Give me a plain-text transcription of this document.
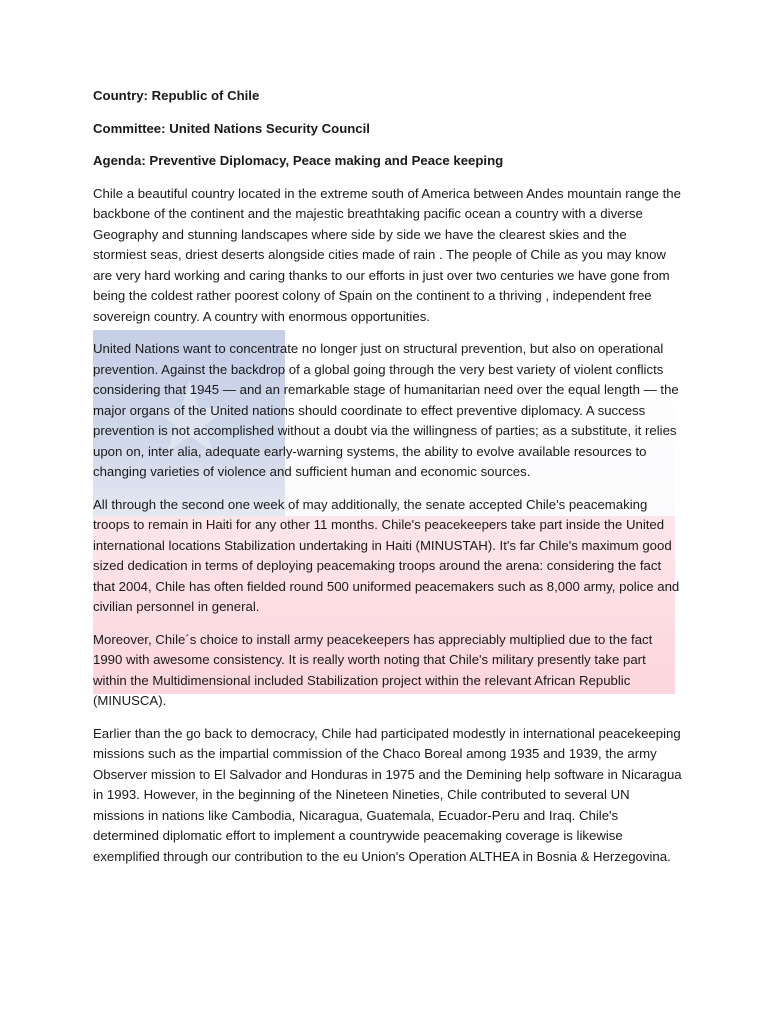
Country: Republic of Chile
Committee: United Nations Security Council
Agenda: Preventive Diplomacy, Peace making and Peace keeping

Chile a beautiful country located in the extreme south of America between Andes mountain range the backbone of the continent and the majestic breathtaking pacific ocean a country with a diverse Geography and stunning landscapes where side by side we have the clearest skies and the stormiest seas, driest deserts alongside cities made of rain . The people of Chile as you may know are very hard working and caring thanks to our efforts in just over two centuries we have gone from being the coldest rather poorest colony of Spain on the continent to a thriving , independent free sovereign country. A country with enormous opportunities.

United Nations want to concentrate no longer just on structural prevention, but also on operational prevention. Against the backdrop of a global going through the very best variety of violent conflicts considering that 1945 — and an remarkable stage of humanitarian need over the equal length — the major organs of the United nations should coordinate to effect preventive diplomacy. A success prevention is not accomplished without a doubt via the willingness of parties; as a substitute, it relies upon on, inter alia, adequate early-warning systems, the ability to evolve available resources to changing varieties of violence and sufficient human and economic sources.

All through the second one week of may additionally, the senate accepted Chile's peacemaking troops to remain in Haiti for any other 11 months. Chile's peacekeepers take part inside the United international locations Stabilization undertaking in Haiti (MINUSTAH). It's far Chile's maximum good sized dedication in terms of deploying peacemaking troops around the arena: considering the fact that 2004, Chile has often fielded round 500 uniformed peacemakers such as 8,000 army, police and civilian personnel in general.

Moreover, Chile´s choice to install army peacekeepers has appreciably multiplied due to the fact 1990 with awesome consistency. It is really worth noting that Chile's military presently take part within the Multidimensional included Stabilization project within the relevant African Republic (MINUSCA).

Earlier than the go back to democracy, Chile had participated modestly in international peacekeeping missions such as the impartial commission of the Chaco Boreal among 1935 and 1939, the army Observer mission to El Salvador and Honduras in 1975 and the Demining help software in Nicaragua in 1993. However, in the beginning of the Nineteen Nineties, Chile contributed to several UN missions in nations like Cambodia, Nicaragua, Guatemala, Ecuador-Peru and Iraq. Chile's determined diplomatic effort to implement a countrywide peacemaking coverage is likewise exemplified through our contribution to the eu Union's Operation ALTHEA in Bosnia & Herzegovina.
